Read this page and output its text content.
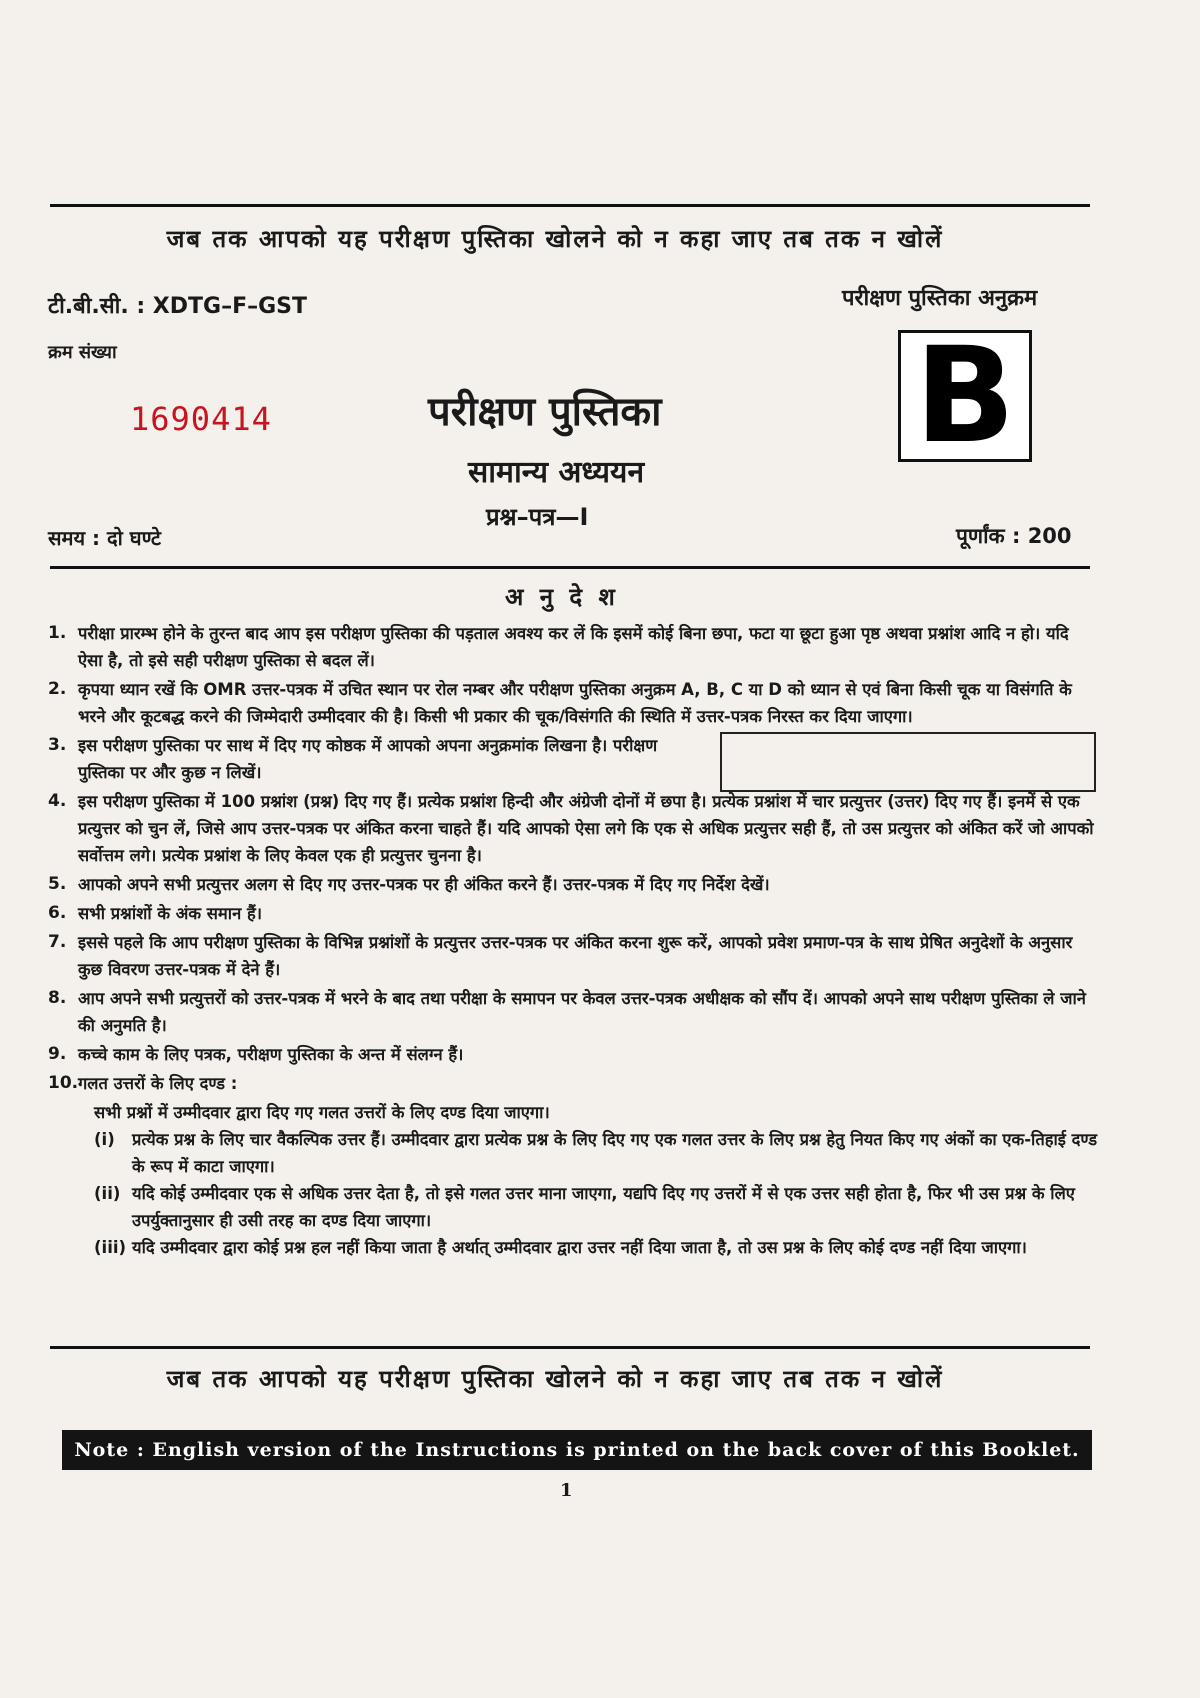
जब तक आपको यह परीक्षण पुस्तिका खोलने को न कहा जाए तब तक न खोलें
टी.बी.सी. : XDTG–F–GST	परीक्षण पुस्तिका अनुक्रम
क्रम संख्या
1690414	परीक्षण पुस्तिका
सामान्य अध्ययन
प्रश्न–पत्र—I
B
समय : दो घण्टे	पूर्णांक : 200
अ नु दे श
1. परीक्षा प्रारम्भ होने के तुरन्त बाद आप इस परीक्षण पुस्तिका की पड़ताल अवश्य कर लें कि इसमें कोई बिना छपा, फटा या छूटा हुआ पृष्ठ अथवा प्रश्नांश आदि न हो। यदि ऐसा है, तो इसे सही परीक्षण पुस्तिका से बदल लें।
2. कृपया ध्यान रखें कि OMR उत्तर-पत्रक में उचित स्थान पर रोल नम्बर और परीक्षण पुस्तिका अनुक्रम A, B, C या D को ध्यान से एवं बिना किसी चूक या विसंगति के भरने और कूटबद्ध करने की जिम्मेदारी उम्मीदवार की है। किसी भी प्रकार की चूक/विसंगति की स्थिति में उत्तर-पत्रक निरस्त कर दिया जाएगा।
3. इस परीक्षण पुस्तिका पर साथ में दिए गए कोष्ठक में आपको अपना अनुक्रमांक लिखना है। परीक्षण पुस्तिका पर और कुछ न लिखें।
4. इस परीक्षण पुस्तिका में 100 प्रश्नांश (प्रश्न) दिए गए हैं। प्रत्येक प्रश्नांश हिन्दी और अंग्रेजी दोनों में छपा है। प्रत्येक प्रश्नांश में चार प्रत्युत्तर (उत्तर) दिए गए हैं। इनमें से एक प्रत्युत्तर को चुन लें, जिसे आप उत्तर-पत्रक पर अंकित करना चाहते हैं। यदि आपको ऐसा लगे कि एक से अधिक प्रत्युत्तर सही हैं, तो उस प्रत्युत्तर को अंकित करें जो आपको सर्वोत्तम लगे। प्रत्येक प्रश्नांश के लिए केवल एक ही प्रत्युत्तर चुनना है।
5. आपको अपने सभी प्रत्युत्तर अलग से दिए गए उत्तर-पत्रक पर ही अंकित करने हैं। उत्तर-पत्रक में दिए गए निर्देश देखें।
6. सभी प्रश्नांशों के अंक समान हैं।
7. इससे पहले कि आप परीक्षण पुस्तिका के विभिन्न प्रश्नांशों के प्रत्युत्तर उत्तर-पत्रक पर अंकित करना शुरू करें, आपको प्रवेश प्रमाण-पत्र के साथ प्रेषित अनुदेशों के अनुसार कुछ विवरण उत्तर-पत्रक में देने हैं।
8. आप अपने सभी प्रत्युत्तरों को उत्तर-पत्रक में भरने के बाद तथा परीक्षा के समापन पर केवल उत्तर-पत्रक अधीक्षक को सौंप दें। आपको अपने साथ परीक्षण पुस्तिका ले जाने की अनुमति है।
9. कच्चे काम के लिए पत्रक, परीक्षण पुस्तिका के अन्त में संलग्न हैं।
10. गलत उत्तरों के लिए दण्ड :
सभी प्रश्नों में उम्मीदवार द्वारा दिए गए गलत उत्तरों के लिए दण्ड दिया जाएगा।
(i) प्रत्येक प्रश्न के लिए चार वैकल्पिक उत्तर हैं। उम्मीदवार द्वारा प्रत्येक प्रश्न के लिए दिए गए एक गलत उत्तर के लिए प्रश्न हेतु नियत किए गए अंकों का एक-तिहाई दण्ड के रूप में काटा जाएगा।
(ii) यदि कोई उम्मीदवार एक से अधिक उत्तर देता है, तो इसे गलत उत्तर माना जाएगा, यद्यपि दिए गए उत्तरों में से एक उत्तर सही होता है, फिर भी उस प्रश्न के लिए उपर्युक्तानुसार ही उसी तरह का दण्ड दिया जाएगा।
(iii) यदि उम्मीदवार द्वारा कोई प्रश्न हल नहीं किया जाता है अर्थात् उम्मीदवार द्वारा उत्तर नहीं दिया जाता है, तो उस प्रश्न के लिए कोई दण्ड नहीं दिया जाएगा।
जब तक आपको यह परीक्षण पुस्तिका खोलने को न कहा जाए तब तक न खोलें
Note : English version of the Instructions is printed on the back cover of this Booklet.
1
